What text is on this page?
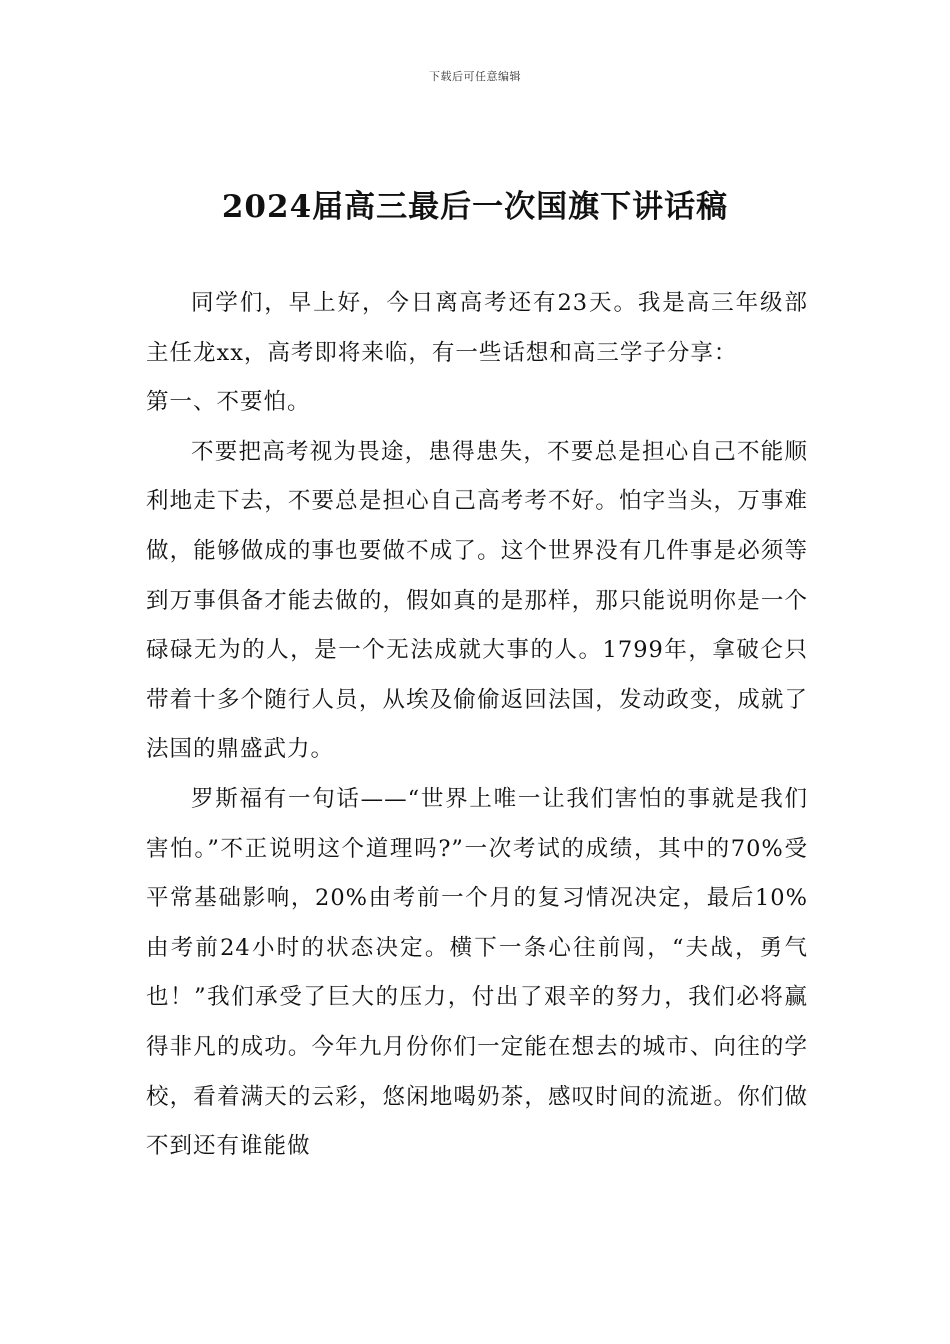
下载后可任意编辑
2024届高三最后一次国旗下讲话稿

同学们，早上好，今日离高考还有23天。我是高三年级部主任龙xx，高考即将来临，有一些话想和高三学子分享：

第一、不要怕。

不要把高考视为畏途，患得患失，不要总是担心自己不能顺利地走下去，不要总是担心自己高考考不好。怕字当头，万事难做，能够做成的事也要做不成了。这个世界没有几件事是必须等到万事俱备才能去做的，假如真的是那样，那只能说明你是一个碌碌无为的人，是一个无法成就大事的人。1799年，拿破仑只带着十多个随行人员，从埃及偷偷返回法国，发动政变，成就了法国的鼎盛武力。

罗斯福有一句话——“世界上唯一让我们害怕的事就是我们害怕。”不正说明这个道理吗?”一次考试的成绩，其中的70%受平常基础影响，20%由考前一个月的复习情况决定，最后10%由考前24小时的状态决定。横下一条心往前闯，“夫战，勇气也！”我们承受了巨大的压力，付出了艰辛的努力，我们必将赢得非凡的成功。今年九月份你们一定能在想去的城市、向往的学校，看着满天的云彩，悠闲地喝奶茶，感叹时间的流逝。你们做不到还有谁能做
